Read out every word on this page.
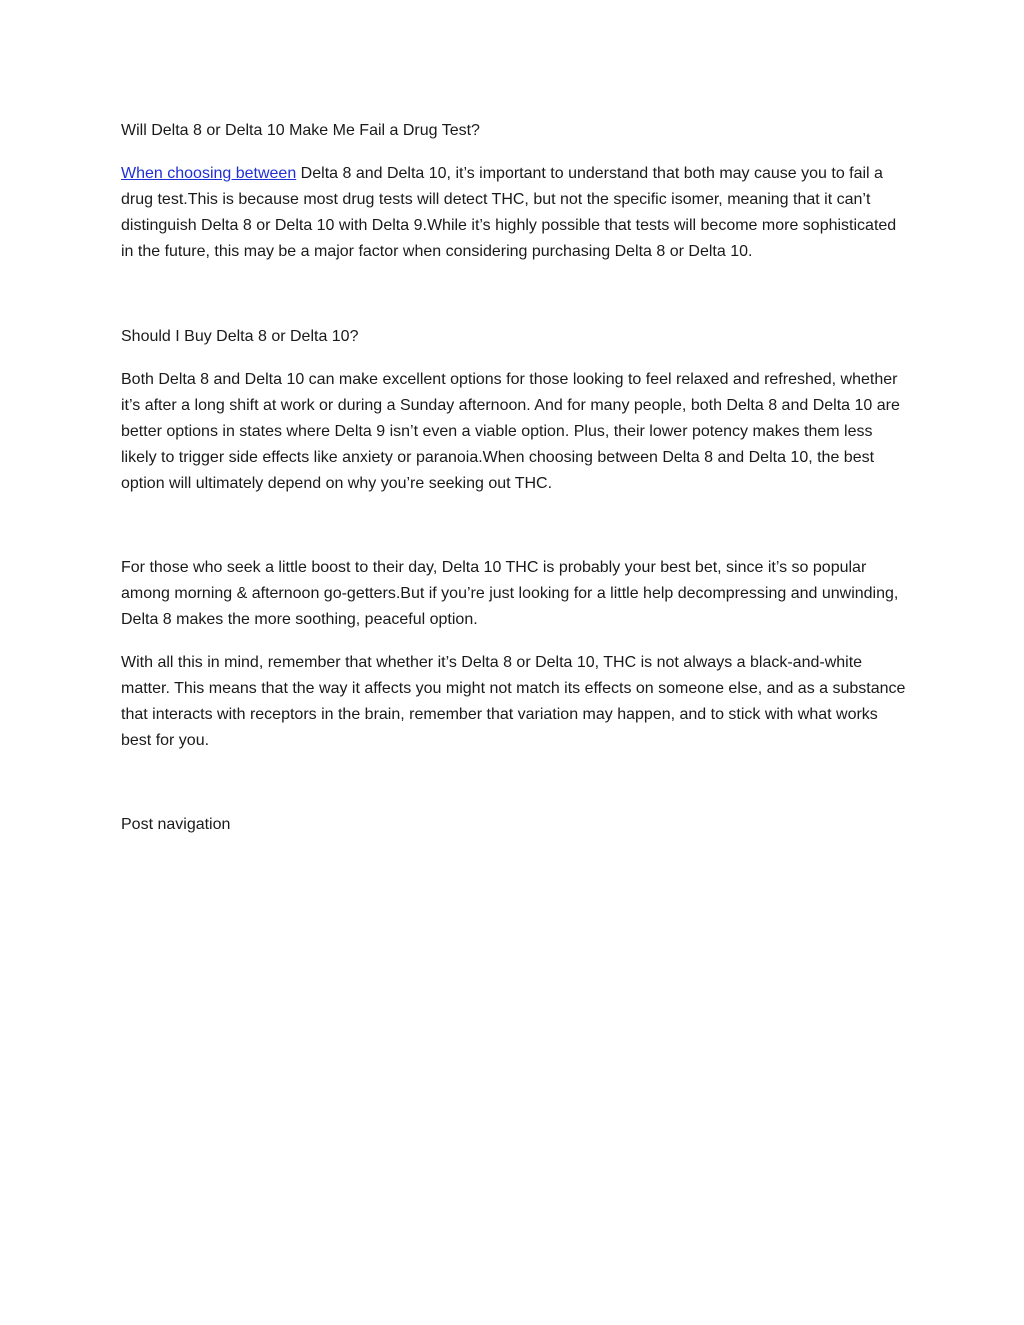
Will Delta 8 or Delta 10 Make Me Fail a Drug Test?

When choosing between Delta 8 and Delta 10, it’s important to understand that both may cause you to fail a drug test.This is because most drug tests will detect THC, but not the specific isomer, meaning that it can’t distinguish Delta 8 or Delta 10 with Delta 9.While it’s highly possible that tests will become more sophisticated in the future, this may be a major factor when considering purchasing Delta 8 or Delta 10.

Should I Buy Delta 8 or Delta 10?

Both Delta 8 and Delta 10 can make excellent options for those looking to feel relaxed and refreshed, whether it’s after a long shift at work or during a Sunday afternoon. And for many people, both Delta 8 and Delta 10 are better options in states where Delta 9 isn’t even a viable option. Plus, their lower potency makes them less likely to trigger side effects like anxiety or paranoia.When choosing between Delta 8 and Delta 10, the best option will ultimately depend on why you’re seeking out THC.

For those who seek a little boost to their day, Delta 10 THC is probably your best bet, since it’s so popular among morning & afternoon go-getters.But if you’re just looking for a little help decompressing and unwinding, Delta 8 makes the more soothing, peaceful option.

With all this in mind, remember that whether it’s Delta 8 or Delta 10, THC is not always a black-and-white matter. This means that the way it affects you might not match its effects on someone else, and as a substance that interacts with receptors in the brain, remember that variation may happen, and to stick with what works best for you.

Post navigation
